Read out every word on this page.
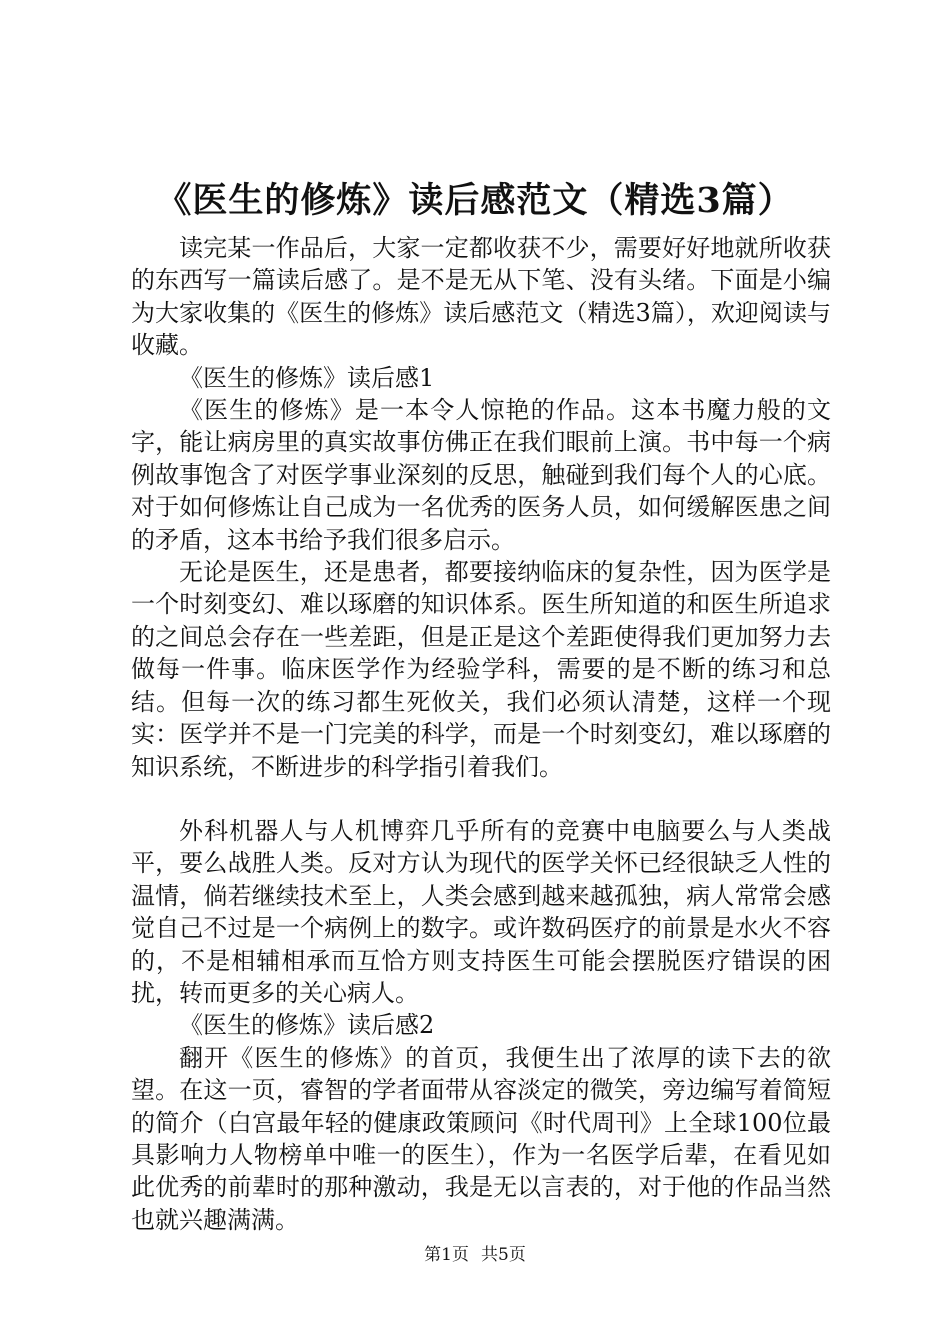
《医生的修炼》读后感范文（精选3篇）

读完某一作品后，大家一定都收获不少，需要好好地就所收获的东西写一篇读后感了。是不是无从下笔、没有头绪。下面是小编为大家收集的《医生的修炼》读后感范文（精选3篇），欢迎阅读与收藏。

《医生的修炼》读后感1

《医生的修炼》是一本令人惊艳的作品。这本书魔力般的文字，能让病房里的真实故事仿佛正在我们眼前上演。书中每一个病例故事饱含了对医学事业深刻的反思，触碰到我们每个人的心底。对于如何修炼让自己成为一名优秀的医务人员，如何缓解医患之间的矛盾，这本书给予我们很多启示。

无论是医生，还是患者，都要接纳临床的复杂性，因为医学是一个时刻变幻、难以琢磨的知识体系。医生所知道的和医生所追求的之间总会存在一些差距，但是正是这个差距使得我们更加努力去做每一件事。临床医学作为经验学科，需要的是不断的练习和总结。但每一次的练习都生死攸关，我们必须认清楚，这样一个现实：医学并不是一门完美的科学，而是一个时刻变幻，难以琢磨的知识系统，不断进步的科学指引着我们。

外科机器人与人机博弈几乎所有的竞赛中电脑要么与人类战平，要么战胜人类。反对方认为现代的医学关怀已经很缺乏人性的温情，倘若继续技术至上，人类会感到越来越孤独，病人常常会感觉自己不过是一个病例上的数字。或许数码医疗的前景是水火不容的，不是相辅相承而互恰方则支持医生可能会摆脱医疗错误的困扰，转而更多的关心病人。

《医生的修炼》读后感2

翻开《医生的修炼》的首页，我便生出了浓厚的读下去的欲望。在这一页，睿智的学者面带从容淡定的微笑，旁边编写着简短的简介（白宫最年轻的健康政策顾问《时代周刊》上全球100位最具影响力人物榜单中唯一的医生），作为一名医学后辈，在看见如此优秀的前辈时的那种激动，我是无以言表的，对于他的作品当然也就兴趣满满。

第1页 共5页
